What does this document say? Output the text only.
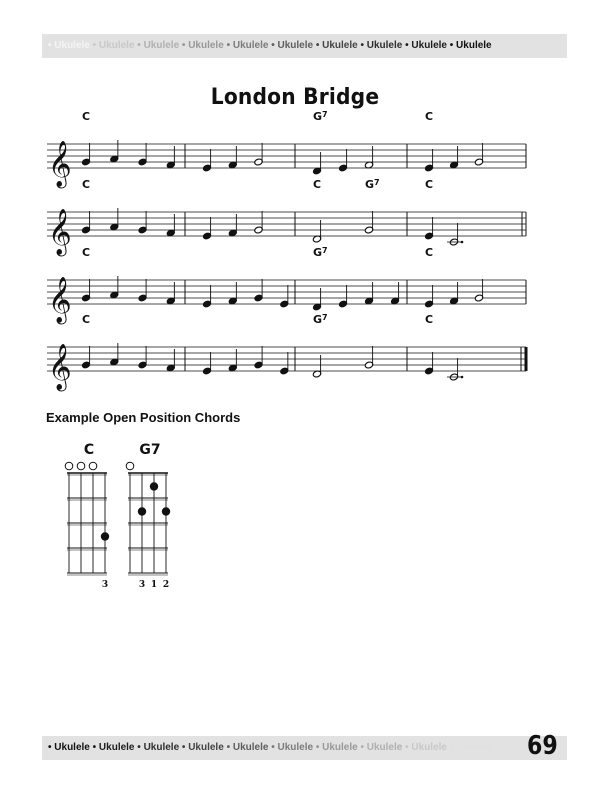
• Ukulele • Ukulele • Ukulele • Ukulele • Ukulele • Ukulele • Ukulele • Ukulele • Ukulele • Ukulele
London Bridge
𝄞
C	$G^7$	C
𝄞
C	C	$G^7$	C
𝄞
C	$G^7$	C
𝄞
C	$G^7$	C
Example Open Position Chords
C
3
G7
3 1 2
• Ukulele • Ukulele • Ukulele • Ukulele • Ukulele • Ukulele • Ukulele • Ukulele • Ukulele • Ukulele	69
